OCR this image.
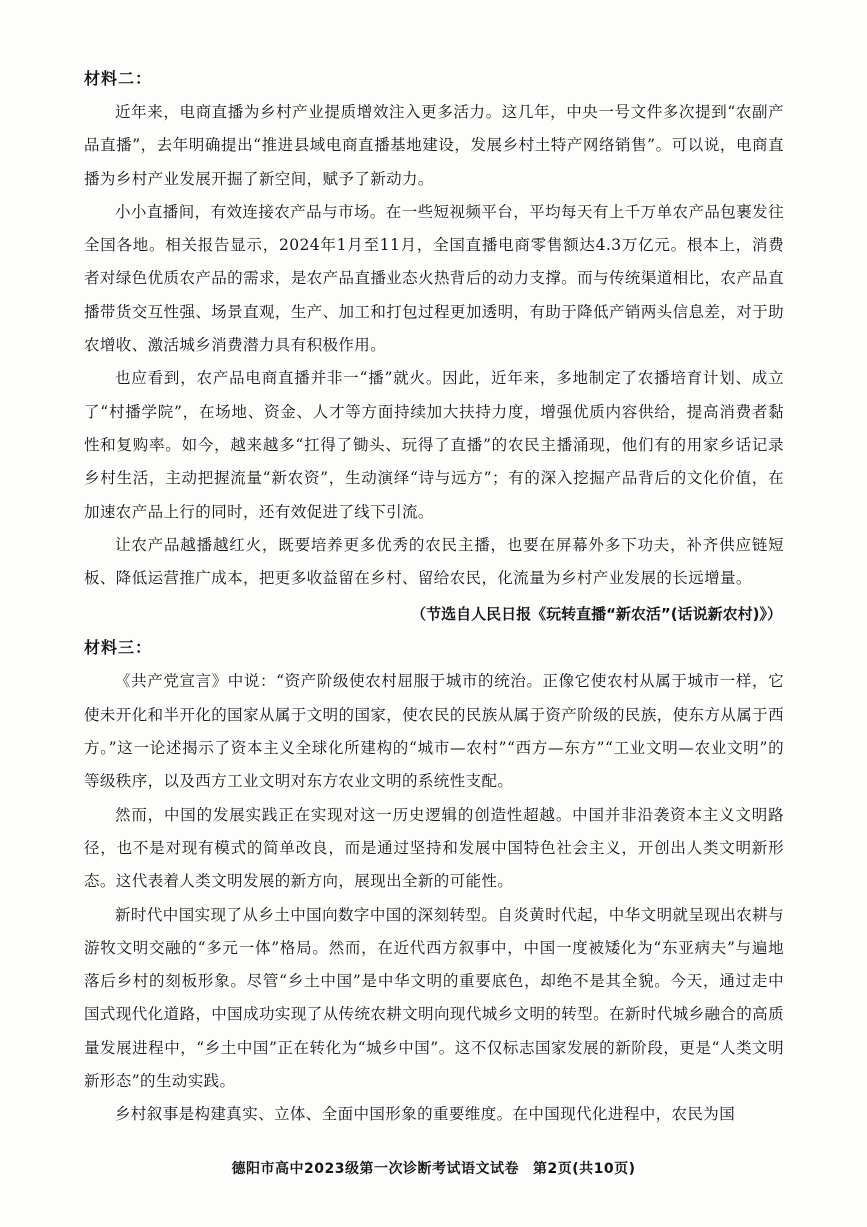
材料二：

近年来，电商直播为乡村产业提质增效注入更多活力。这几年，中央一号文件多次提到“农副产品直播”，去年明确提出“推进县域电商直播基地建设，发展乡村土特产网络销售”。可以说，电商直播为乡村产业发展开掘了新空间，赋予了新动力。

小小直播间，有效连接农产品与市场。在一些短视频平台，平均每天有上千万单农产品包裹发往全国各地。相关报告显示，2024年1月至11月，全国直播电商零售额达4.3万亿元。根本上，消费者对绿色优质农产品的需求，是农产品直播业态火热背后的动力支撑。而与传统渠道相比，农产品直播带货交互性强、场景直观，生产、加工和打包过程更加透明，有助于降低产销两头信息差，对于助农增收、激活城乡消费潜力具有积极作用。

也应看到，农产品电商直播并非一“播”就火。因此，近年来，多地制定了农播培育计划、成立了“村播学院”，在场地、资金、人才等方面持续加大扶持力度，增强优质内容供给，提高消费者黏性和复购率。如今，越来越多“扛得了锄头、玩得了直播”的农民主播涌现，他们有的用家乡话记录乡村生活，主动把握流量“新农资”，生动演绎“诗与远方”；有的深入挖掘产品背后的文化价值，在加速农产品上行的同时，还有效促进了线下引流。

让农产品越播越红火，既要培养更多优秀的农民主播，也要在屏幕外多下功夫，补齐供应链短板、降低运营推广成本，把更多收益留在乡村、留给农民，化流量为乡村产业发展的长远增量。

（节选自人民日报《玩转直播“新农活”(话说新农村)》）

材料三：

《共产党宣言》中说：“资产阶级使农村屈服于城市的统治。正像它使农村从属于城市一样，它使未开化和半开化的国家从属于文明的国家，使农民的民族从属于资产阶级的民族，使东方从属于西方。”这一论述揭示了资本主义全球化所建构的“城市—农村”“西方—东方”“工业文明—农业文明”的等级秩序，以及西方工业文明对东方农业文明的系统性支配。

然而，中国的发展实践正在实现对这一历史逻辑的创造性超越。中国并非沿袭资本主义文明路径，也不是对现有模式的简单改良，而是通过坚持和发展中国特色社会主义，开创出人类文明新形态。这代表着人类文明发展的新方向，展现出全新的可能性。

新时代中国实现了从乡土中国向数字中国的深刻转型。自炎黄时代起，中华文明就呈现出农耕与游牧文明交融的“多元一体”格局。然而，在近代西方叙事中，中国一度被矮化为“东亚病夫”与遍地落后乡村的刻板形象。尽管“乡土中国”是中华文明的重要底色，却绝不是其全貌。今天，通过走中国式现代化道路，中国成功实现了从传统农耕文明向现代城乡文明的转型。在新时代城乡融合的高质量发展进程中，“乡土中国”正在转化为“城乡中国”。这不仅标志国家发展的新阶段，更是“人类文明新形态”的生动实践。

乡村叙事是构建真实、立体、全面中国形象的重要维度。在中国现代化进程中，农民为国

德阳市高中2023级第一次诊断考试语文试卷 第2页(共10页)
